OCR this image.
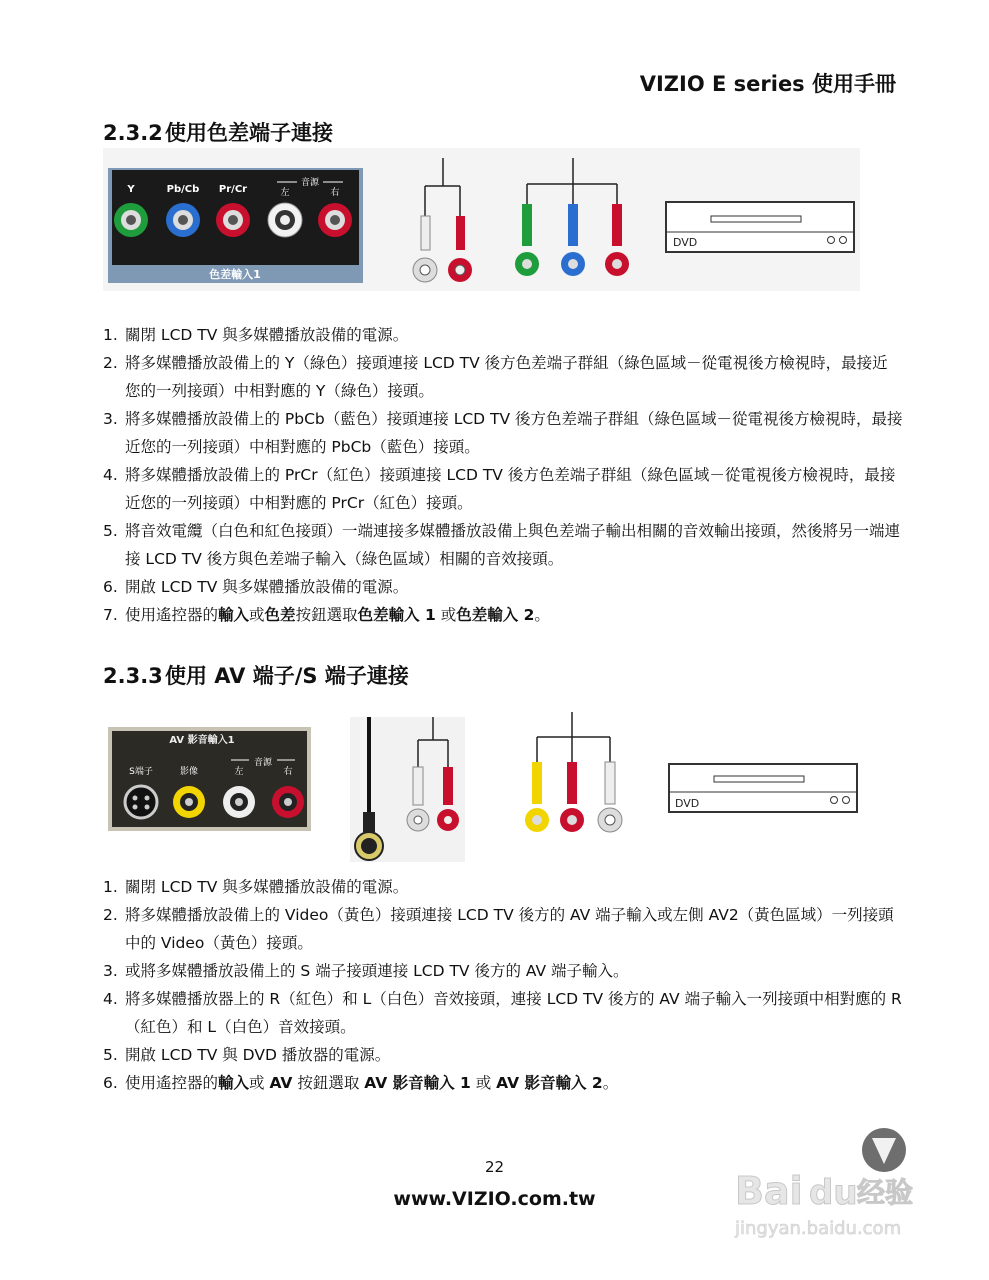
VIZIO E series 使用手冊
2.3.2 使用色差端子連接
Y	Pb/Cb Pr/Cr	左	右
音源
色差輸入1
DVD
1. 關閉 LCD TV 與多媒體播放設備的電源。
2. 將多媒體播放設備上的 Y（綠色）接頭連接 LCD TV 後方色差端子群組（綠色區域－從電視後方檢視時，最接近您的一列接頭）中相對應的 Y（綠色）接頭。
3. 將多媒體播放設備上的 PbCb（藍色）接頭連接 LCD TV 後方色差端子群組（綠色區域－從電視後方檢視時，最接近您的一列接頭）中相對應的 PbCb（藍色）接頭。
4. 將多媒體播放設備上的 PrCr（紅色）接頭連接 LCD TV 後方色差端子群組（綠色區域－從電視後方檢視時，最接近您的一列接頭）中相對應的 PrCr（紅色）接頭。
5. 將音效電纜（白色和紅色接頭）一端連接多媒體播放設備上與色差端子輸出相關的音效輸出接頭，然後將另一端連接 LCD TV 後方與色差端子輸入（綠色區域）相關的音效接頭。
6. 開啟 LCD TV 與多媒體播放設備的電源。
7. 使用遙控器的輸入或色差按鈕選取色差輸入 1 或色差輸入 2。
2.3.3 使用 AV 端子/S 端子連接
AV 影音輸入1
S端子	影像	左	右
音源
DVD
1. 關閉 LCD TV 與多媒體播放設備的電源。
2. 將多媒體播放設備上的 Video（黃色）接頭連接 LCD TV 後方的 AV 端子輸入或左側 AV2（黃色區域）一列接頭中的 Video（黃色）接頭。
3. 或將多媒體播放設備上的 S 端子接頭連接 LCD TV 後方的 AV 端子輸入。
4. 將多媒體播放器上的 R（紅色）和 L（白色）音效接頭，連接 LCD TV 後方的 AV 端子輸入一列接頭中相對應的 R（紅色）和 L（白色）音效接頭。
5. 開啟 LCD TV 與 DVD 播放器的電源。
6. 使用遙控器的輸入或 AV 按鈕選取 AV 影音輸入 1 或 AV 影音輸入 2。
22
www.VIZIO.com.tw	Bai du 经验
jingyan.baidu.com
